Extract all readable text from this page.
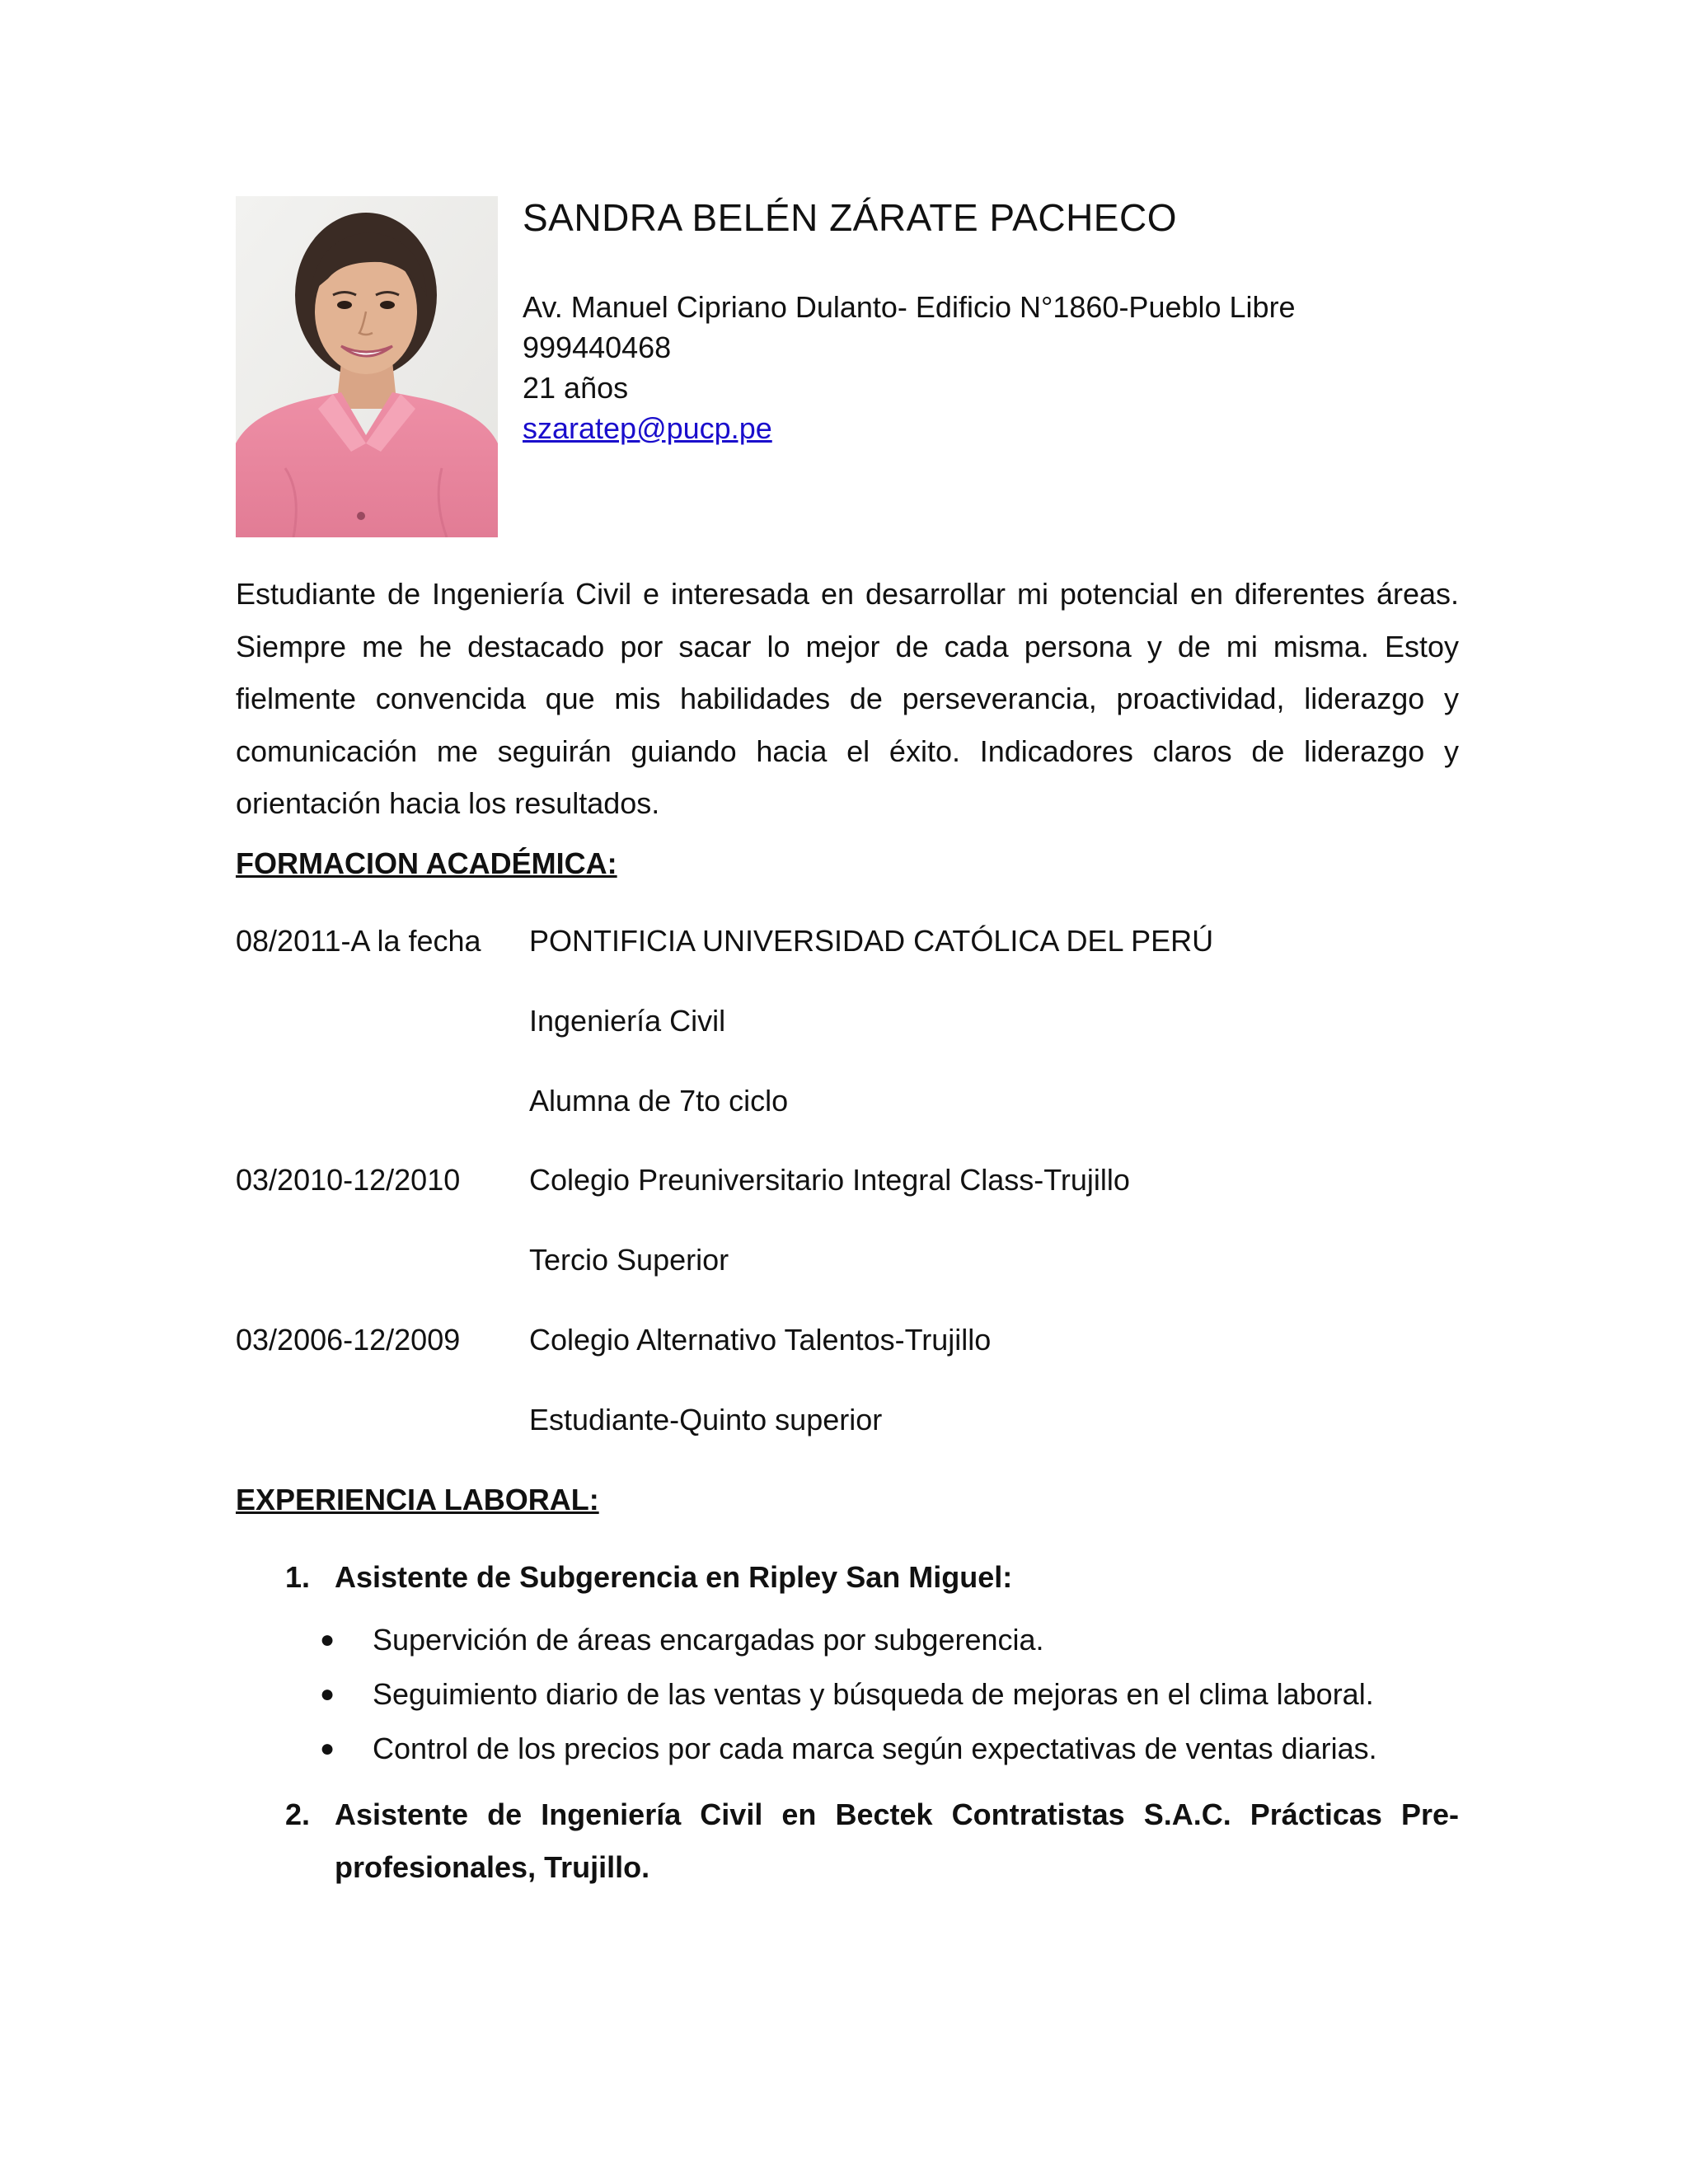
SANDRA BELÉN ZÁRATE PACHECO
Av. Manuel Cipriano Dulanto- Edificio N°1860-Pueblo Libre
999440468
21 años
szaratep@pucp.pe

Estudiante de Ingeniería Civil e interesada en desarrollar mi potencial en diferentes áreas. Siempre me he destacado por sacar lo mejor de cada persona y de mi misma. Estoy fielmente convencida que mis habilidades de perseverancia, proactividad, liderazgo y comunicación me seguirán guiando hacia el éxito. Indicadores claros de liderazgo y orientación hacia los resultados.

FORMACION ACADÉMICA:
08/2011-A la fecha PONTIFICIA UNIVERSIDAD CATÓLICA DEL PERÚ
Ingeniería Civil
Alumna de 7to ciclo
03/2010-12/2010 Colegio Preuniversitario Integral Class-Trujillo
Tercio Superior
03/2006-12/2009 Colegio Alternativo Talentos-Trujillo
Estudiante-Quinto superior
EXPERIENCIA LABORAL:
1. Asistente de Subgerencia en Ripley San Miguel:
● Supervición de áreas encargadas por subgerencia.
● Seguimiento diario de las ventas y búsqueda de mejoras en el clima laboral.
● Control de los precios por cada marca según expectativas de ventas diarias.
2. Asistente de Ingeniería Civil en Bectek Contratistas S.A.C. Prácticas Pre-
profesionales, Trujillo.
